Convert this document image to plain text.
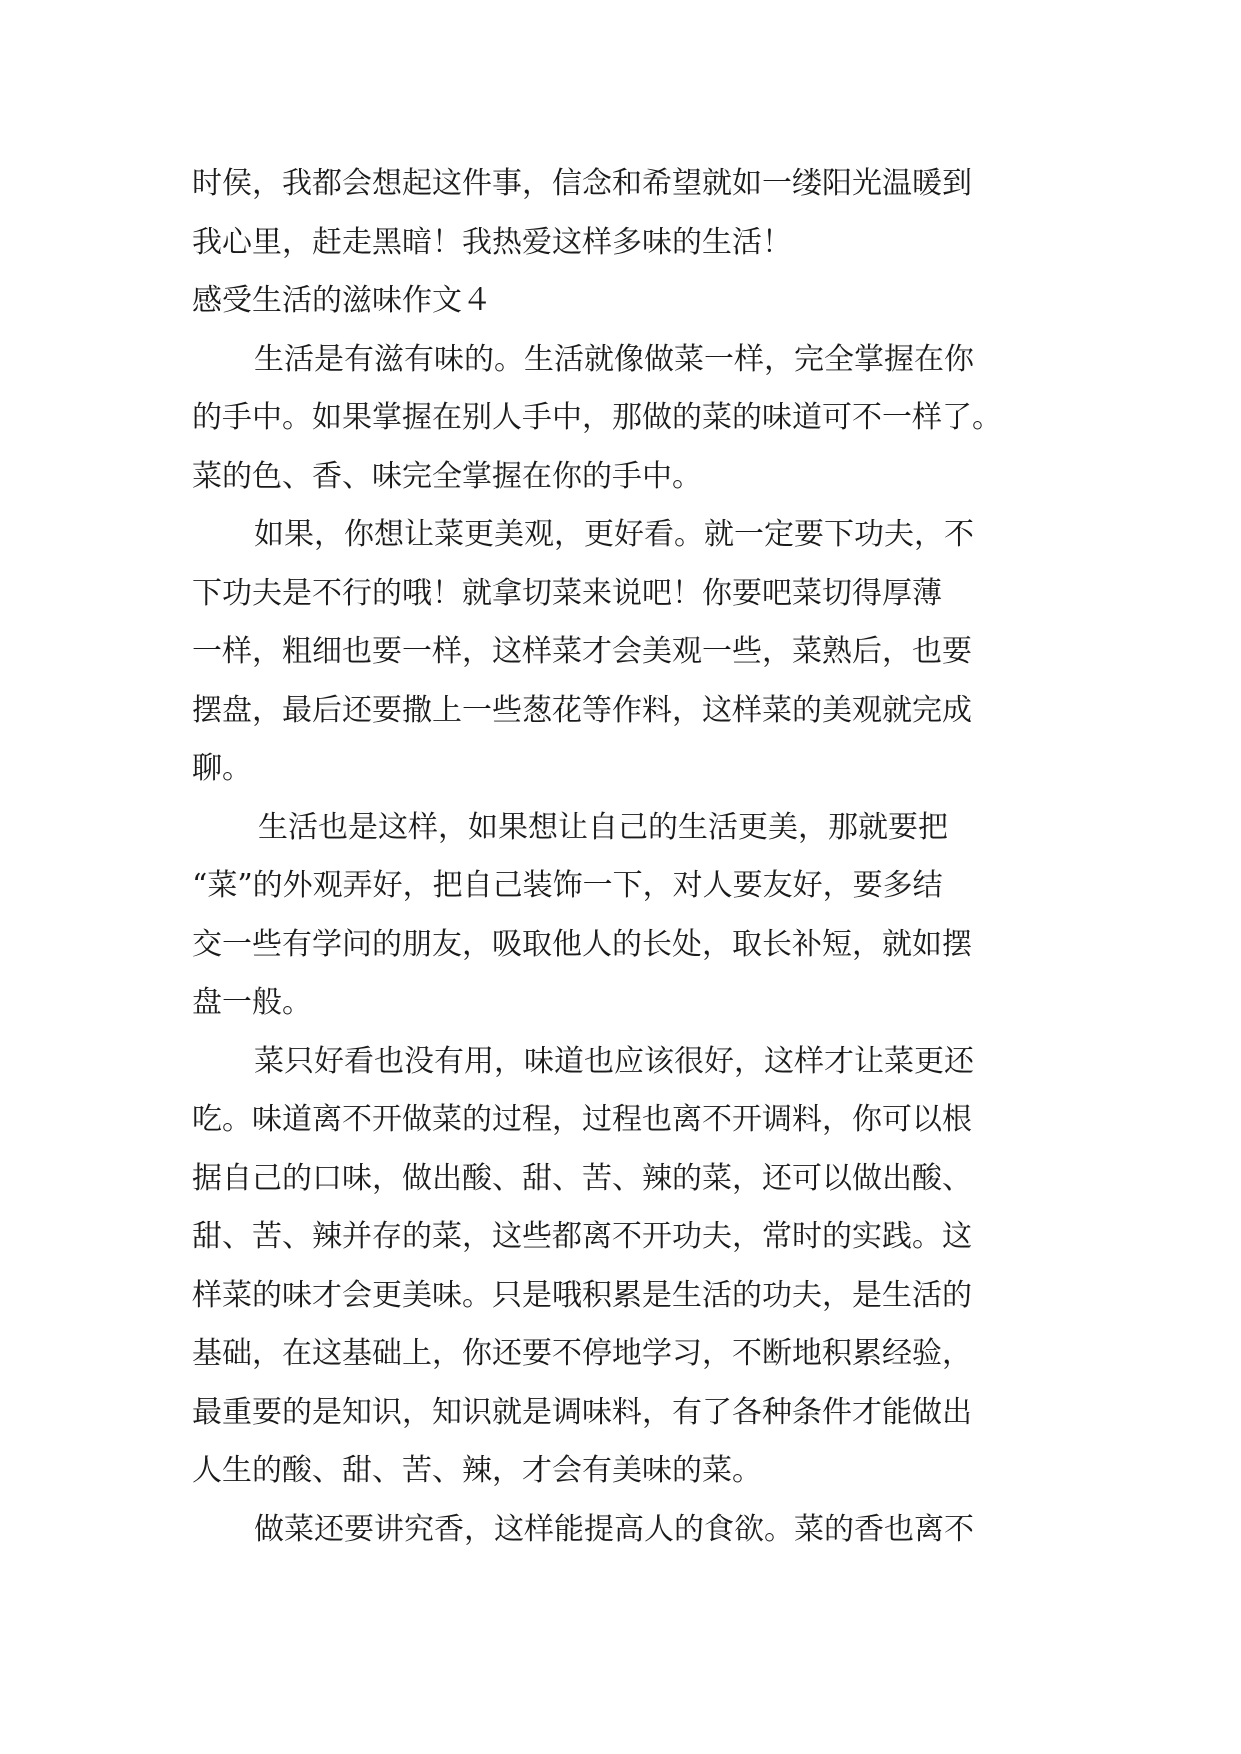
时侯，我都会想起这件事，信念和希望就如一缕阳光温暖到
我心里，赶走黑暗！我热爱这样多味的生活！
感受生活的滋味作文４
生活是有滋有味的。生活就像做菜一样，完全掌握在你
的手中。如果掌握在别人手中，那做的菜的味道可不一样了。
菜的色、香、味完全掌握在你的手中。
如果，你想让菜更美观，更好看。就一定要下功夫，不
下功夫是不行的哦！就拿切菜来说吧！你要吧菜切得厚薄
一样，粗细也要一样，这样菜才会美观一些，菜熟后，也要
摆盘，最后还要撒上一些葱花等作料，这样菜的美观就完成
聊。
生活也是这样，如果想让自己的生活更美，那就要把
“菜”的外观弄好，把自己装饰一下，对人要友好，要多结
交一些有学问的朋友，吸取他人的长处，取长补短，就如摆
盘一般。
菜只好看也没有用，味道也应该很好，这样才让菜更还
吃。味道离不开做菜的过程，过程也离不开调料，你可以根
据自己的口味，做出酸、甜、苦、辣的菜，还可以做出酸、
甜、苦、辣并存的菜，这些都离不开功夫，常时的实践。这
样菜的味才会更美味。只是哦积累是生活的功夫，是生活的
基础，在这基础上，你还要不停地学习，不断地积累经验，
最重要的是知识，知识就是调味料，有了各种条件才能做出
人生的酸、甜、苦、辣，才会有美味的菜。
做菜还要讲究香，这样能提高人的食欲。菜的香也离不
